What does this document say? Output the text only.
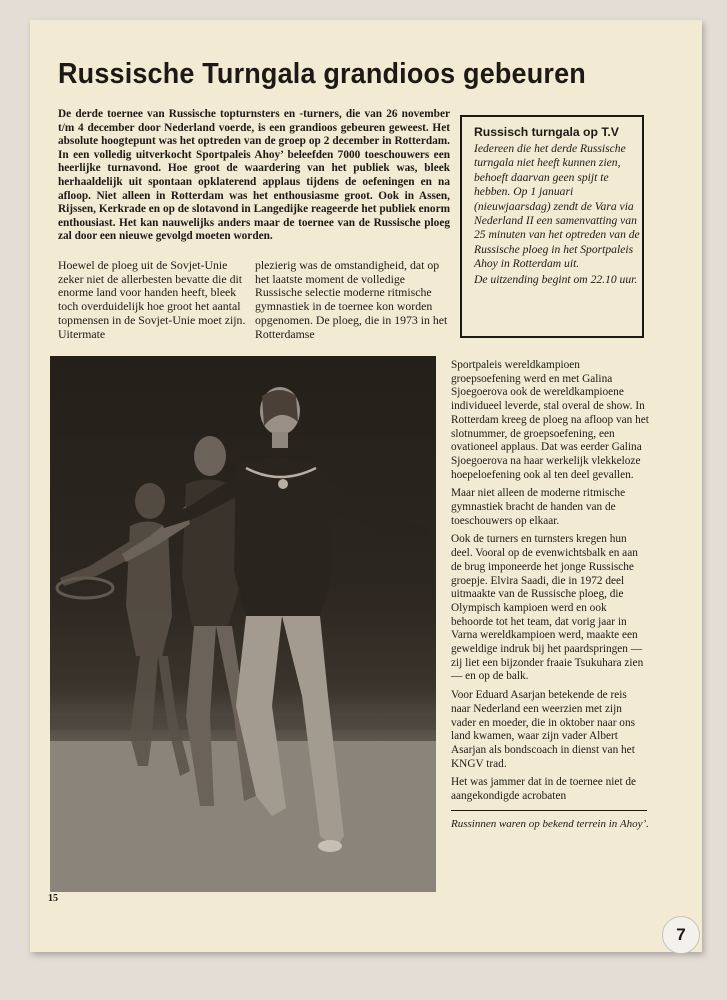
Russische Turngala grandioos gebeuren

De derde toernee van Russische topturnsters en -turners, die van 26 november t/m 4 december door Nederland voerde, is een grandioos gebeuren geweest. Het absolute hoogtepunt was het optreden van de groep op 2 december in Rotterdam. In een volledig uitverkocht Sportpaleis Ahoy’ beleefden 7000 toeschouwers een heerlijke turnavond. Hoe groot de waardering van het publiek was, bleek herhaaldelijk uit spontaan opklaterend applaus tijdens de oefeningen en na afloop. Niet alleen in Rotterdam was het enthousiasme groot. Ook in Assen, Rijssen, Kerkrade en op de slotavond in Langedijke reageerde het publiek enorm enthousiast. Het kan nauwelijks anders maar de toernee van de Russische ploeg zal door een nieuwe gevolgd moeten worden.

Hoewel de ploeg uit de Sovjet-Unie zeker niet de allerbesten bevatte die dit enorme land voor handen heeft, bleek toch overduidelijk hoe groot het aantal topmensen in de Sovjet-Unie moet zijn. Uitermate

plezierig was de omstandigheid, dat op het laatste moment de volledige Russische selectie moderne ritmische gymnastiek in de toernee kon worden opgenomen. De ploeg, die in 1973 in het Rotterdamse

Russisch turngala op T.V

Iedereen die het derde Russische turngala niet heeft kunnen zien, behoeft daarvan geen spijt te hebben. Op 1 januari (nieuwjaarsdag) zendt de Vara via Nederland II een samenvatting van 25 minuten van het optreden van de Russische ploeg in het Sportpaleis Ahoy in Rotterdam uit.

De uitzending begint om 22.10 uur.

Sportpaleis wereldkampioen groepsoefening werd en met Galina Sjoegoerova ook de wereldkampioene individueel leverde, stal overal de show. In Rotterdam kreeg de ploeg na afloop van het slotnummer, de groepsoefening, een ovationeel applaus. Dat was eerder Galina Sjoegoerova na haar werkelijk vlekkeloze hoepeloefening ook al ten deel gevallen.

Maar niet alleen de moderne ritmische gymnastiek bracht de handen van de toeschouwers op elkaar.

Ook de turners en turnsters kregen hun deel. Vooral op de evenwichtsbalk en aan de brug imponeerde het jonge Russische groepje. Elvira Saadi, die in 1972 deel uitmaakte van de Russische ploeg, die Olympisch kampioen werd en ook behoorde tot het team, dat vorig jaar in Varna wereldkampioen werd, maakte een geweldige indruk bij het paardspringen — zij liet een bijzonder fraaie Tsukuhara zien — en op de balk.

Voor Eduard Asarjan betekende de reis naar Nederland een weerzien met zijn vader en moeder, die in oktober naar ons land kwamen, waar zijn vader Albert Asarjan als bondscoach in dienst van het KNGV trad.

Het was jammer dat in de toernee niet de aangekondigde acrobaten

Russinnen waren op bekend terrein in Ahoy’.

15

7
